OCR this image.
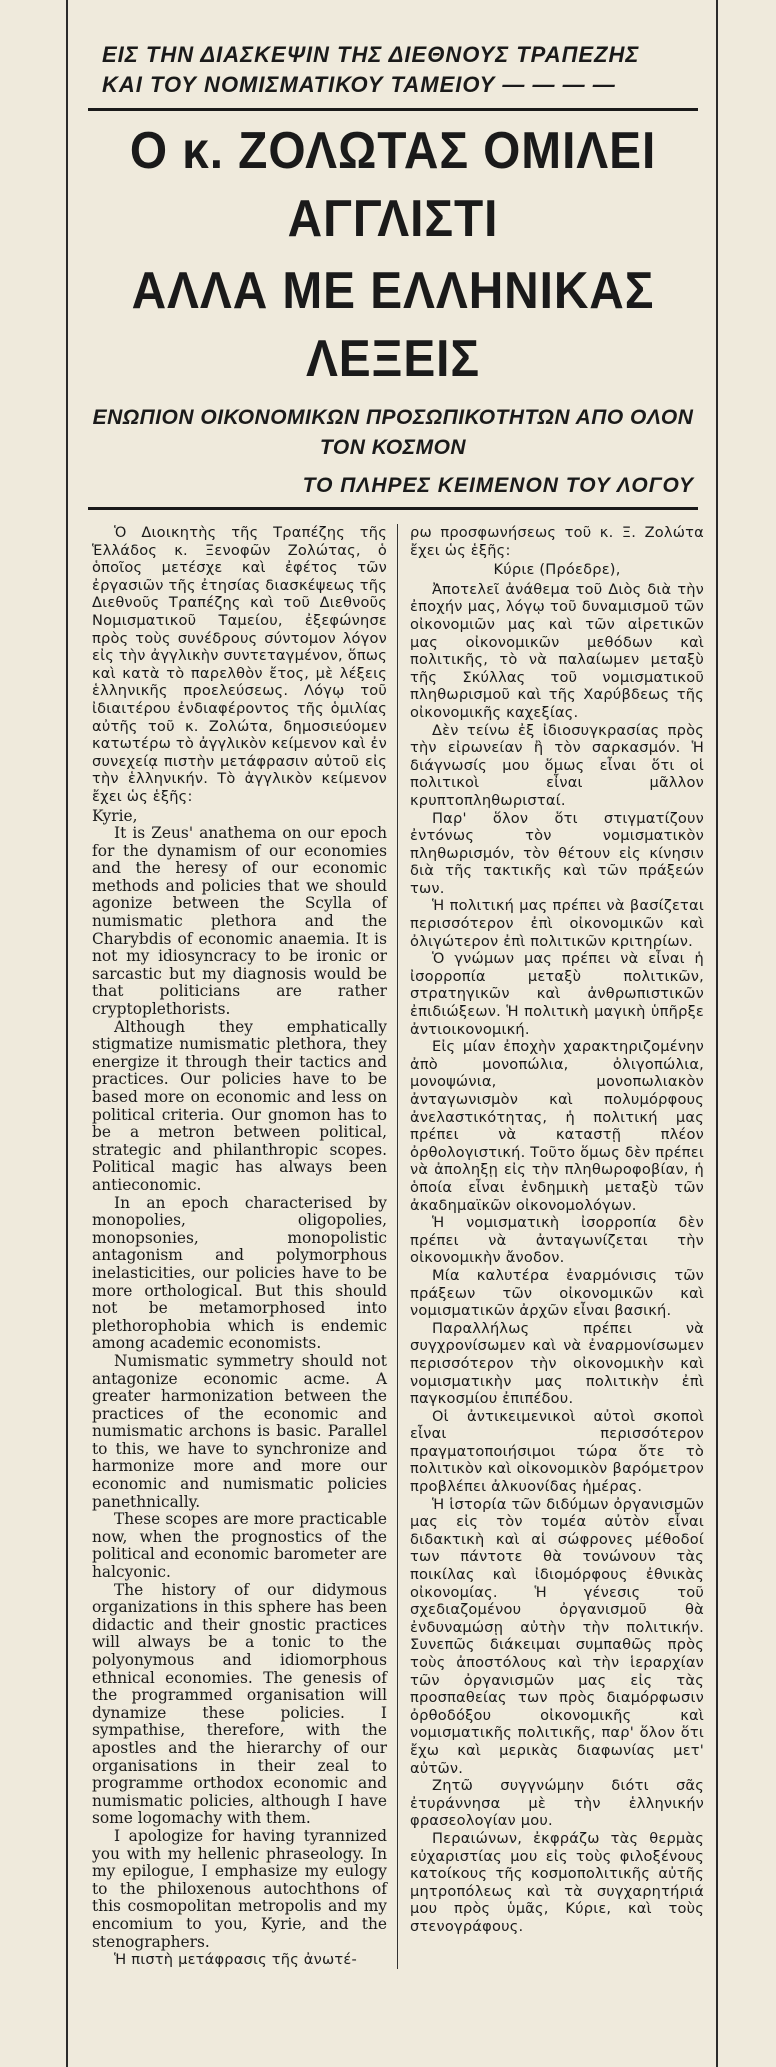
ΕΙΣ ΤΗΝ ΔΙΑΣΚΕΨΙΝ ΤΗΣ ΔΙΕΘΝΟΥΣ ΤΡΑΠΕΖΗΣ
ΚΑΙ ΤΟΥ ΝΟΜΙΣΜΑΤΙΚΟΥ ΤΑΜΕΙΟΥ — — — —
Ο κ. ΖΟΛΩΤΑΣ ΟΜΙΛΕΙ ΑΓΓΛΙΣΤΙ
ΑΛΛΑ ΜΕ ΕΛΛΗΝΙΚΑΣ ΛΕΞΕΙΣ
ΕΝΩΠΙΟΝ ΟΙΚΟΝΟΜΙΚΩΝ ΠΡΟΣΩΠΙΚΟΤΗΤΩΝ ΑΠΟ ΟΛΟΝ ΤΟΝ ΚΟΣΜΟΝ
ΤΟ ΠΛΗΡΕΣ ΚΕΙΜΕΝΟΝ ΤΟΥ ΛΟΓΟΥ

Ὁ Διοικητὴς τῆς Τραπέζης τῆς Ἑλλάδος κ. Ξενοφῶν Ζολώτας, ὁ ὁποῖος μετέσχε καὶ ἐφέτος τῶν ἐργασιῶν τῆς ἐτησίας διασκέψεως τῆς Διεθνοῦς Τραπέζης καὶ τοῦ Διεθνοῦς Νομισματικοῦ Ταμείου, ἐξεφώνησε πρὸς τοὺς συνέδρους σύντομον λόγον εἰς τὴν ἀγγλικὴν συντεταγμένον, ὅπως καὶ κατὰ τὸ παρελθὸν ἔτος, μὲ λέξεις ἑλληνικῆς προελεύσεως. Λόγῳ τοῦ ἰδιαιτέρου ἐνδιαφέροντος τῆς ὁμιλίας αὐτῆς τοῦ κ. Ζολώτα, δημοσιεύομεν κατωτέρω τὸ ἀγγλικὸν κείμενον καὶ ἐν συνεχείᾳ πιστὴν μετάφρασιν αὐτοῦ εἰς τὴν ἑλληνικήν. Τὸ ἀγγλικὸν κείμενον ἔχει ὡς ἑξῆς:

Kyrie,

It is Zeus' anathema on our epoch for the dynamism of our economies and the heresy of our economic methods and policies that we should agonize between the Scylla of numismatic plethora and the Charybdis of economic anaemia. It is not my idiosyncracy to be ironic or sarcastic but my diagnosis would be that politicians are rather cryptoplethorists.

Although they emphatically stigmatize numismatic plethora, they energize it through their tactics and practices. Our policies have to be based more on economic and less on political criteria. Our gnomon has to be a metron between political, strategic and philanthropic scopes. Political magic has always been antieconomic.

In an epoch characterised by monopolies, oligopolies, monopsonies, monopolistic antagonism and polymorphous inelasticities, our policies have to be more orthological. But this should not be metamorphosed into plethorophobia which is endemic among academic economists.

Numismatic symmetry should not antagonize economic acme. A greater harmonization between the practices of the economic and numismatic archons is basic. Parallel to this, we have to synchronize and harmonize more and more our economic and numismatic policies panethnically.

These scopes are more practicable now, when the prognostics of the political and economic barometer are halcyonic.

The history of our didymous organizations in this sphere has been didactic and their gnostic practices will always be a tonic to the polyonymous and idiomorphous ethnical economies. The genesis of the programmed organisation will dynamize these policies. I sympathise, therefore, with the apostles and the hierarchy of our organisations in their zeal to programme orthodox economic and numismatic policies, although I have some logomachy with them.

I apologize for having tyrannized you with my hellenic phraseology. In my epilogue, I emphasize my eulogy to the philoxenous autochthons of this cosmopolitan metropolis and my encomium to you, Kyrie, and the stenographers.

Ἡ πιστὴ μετάφρασις τῆς ἀνωτέ-

ρω προσφωνήσεως τοῦ κ. Ξ. Ζολώτα ἔχει ὡς ἑξῆς:

Κύριε (Πρόεδρε),

Ἀποτελεῖ ἀνάθεμα τοῦ Διὸς διὰ τὴν ἐποχήν μας, λόγῳ τοῦ δυναμισμοῦ τῶν οἰκονομιῶν μας καὶ τῶν αἱρετικῶν μας οἰκονομικῶν μεθόδων καὶ πολιτικῆς, τὸ νὰ παλαίωμεν μεταξὺ τῆς Σκύλλας τοῦ νομισματικοῦ πληθωρισμοῦ καὶ τῆς Χαρύβδεως τῆς οἰκονομικῆς καχεξίας.

Δὲν τείνω ἐξ ἰδιοσυγκρασίας πρὸς τὴν εἰρωνείαν ἢ τὸν σαρκασμόν. Ἡ διάγνωσίς μου ὅμως εἶναι ὅτι οἱ πολιτικοὶ εἶναι μᾶλλον κρυπτοπληθωρισταί.

Παρ' ὅλον ὅτι στιγματίζουν ἐντόνως τὸν νομισματικὸν πληθωρισμόν, τὸν θέτουν εἰς κίνησιν διὰ τῆς τακτικῆς καὶ τῶν πράξεών των.

Ἡ πολιτική μας πρέπει νὰ βασίζεται περισσότερον ἐπὶ οἰκονομικῶν καὶ ὀλιγώτερον ἐπὶ πολιτικῶν κριτηρίων.

Ὁ γνώμων μας πρέπει νὰ εἶναι ἡ ἰσορροπία μεταξὺ πολιτικῶν, στρατηγικῶν καὶ ἀνθρωπιστικῶν ἐπιδιώξεων. Ἡ πολιτικὴ μαγικὴ ὑπῆρξε ἀντιοικονομική.

Εἰς μίαν ἐποχὴν χαρακτηριζομένην ἀπὸ μονοπώλια, ὀλιγοπώλια, μονοψώνια, μονοπωλιακὸν ἀνταγωνισμὸν καὶ πολυμόρφους ἀνελαστικότητας, ἡ πολιτική μας πρέπει νὰ καταστῇ πλέον ὀρθολογιστική. Τοῦτο ὅμως δὲν πρέπει νὰ ἀποληξῃ εἰς τὴν πληθωροφοβίαν, ἡ ὁποία εἶναι ἐνδημικὴ μεταξὺ τῶν ἀκαδημαϊκῶν οἰκονομολόγων.

Ἡ νομισματικὴ ἰσορροπία δὲν πρέπει νὰ ἀνταγωνίζεται τὴν οἰκονομικὴν ἄνοδον.

Μία καλυτέρα ἐναρμόνισις τῶν πράξεων τῶν οἰκονομικῶν καὶ νομισματικῶν ἀρχῶν εἶναι βασική.

Παραλλήλως πρέπει νὰ συγχρονίσωμεν καὶ νὰ ἐναρμονίσωμεν περισσότερον τὴν οἰκονομικὴν καὶ νομισματικὴν μας πολιτικὴν ἐπὶ παγκοσμίου ἐπιπέδου.

Οἱ ἀντικειμενικοὶ αὐτοὶ σκοποὶ εἶναι περισσότερον πραγματοποιήσιμοι τώρα ὅτε τὸ πολιτικὸν καὶ οἰκονομικὸν βαρόμετρον προβλέπει ἀλκυονίδας ἡμέρας.

Ἡ ἱστορία τῶν διδύμων ὀργανισμῶν μας εἰς τὸν τομέα αὐτὸν εἶναι διδακτικὴ καὶ αἱ σώφρονες μέθοδοί των πάντοτε θὰ τονώνουν τὰς ποικίλας καὶ ἰδιομόρφους ἐθνικὰς οἰκονομίας. Ἡ γένεσις τοῦ σχεδιαζομένου ὀργανισμοῦ θὰ ἐνδυναμώσῃ αὐτὴν τὴν πολιτικήν. Συνεπῶς διάκειμαι συμπαθῶς πρὸς τοὺς ἀποστόλους καὶ τὴν ἱεραρχίαν τῶν ὀργανισμῶν μας εἰς τὰς προσπαθείας των πρὸς διαμόρφωσιν ὀρθοδόξου οἰκονομικῆς καὶ νομισματικῆς πολιτικῆς, παρ' ὅλον ὅτι ἔχω καὶ μερικὰς διαφωνίας μετ' αὐτῶν.

Ζητῶ συγγνώμην διότι σᾶς ἐτυράννησα μὲ τὴν ἑλληνικήν φρασεολογίαν μου.

Περαιώνων, ἐκφράζω τὰς θερμὰς εὐχαριστίας μου εἰς τοὺς φιλοξένους κατοίκους τῆς κοσμοπολιτικῆς αὐτῆς μητροπόλεως καὶ τὰ συγχαρητήριά μου πρὸς ὑμᾶς, Κύριε, καὶ τοὺς στενογράφους.
